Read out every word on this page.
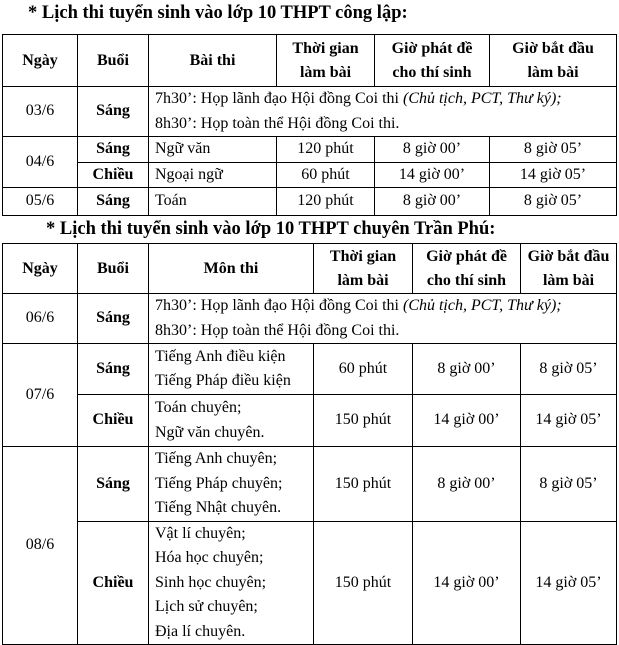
* Lịch thi tuyển sinh vào lớp 10 THPT công lập:
Ngày	Buổi	Bài thi	Thời gian
làm bài	Giờ phát đề
cho thí sinh	Giờ bắt đầu
làm bài

03/6	Sáng	7h30’: Họp lãnh đạo Hội đồng Coi thi (Chủ tịch, PCT, Thư ký);
8h30’: Họp toàn thể Hội đồng Coi thi.			

04/6	Sáng	Ngữ văn	120 phút	8 giờ 00’	8 giờ 05’
	Chiều	Ngoại ngữ	60 phút	14 giờ 00’	14 giờ 05’
05/6	Sáng	Toán	120 phút	8 giờ 00’	8 giờ 05’
* Lịch thi tuyển sinh vào lớp 10 THPT chuyên Trần Phú:
Ngày	Buổi	Môn thi	Thời gian
làm bài	Giờ phát đề
cho thí sinh	Giờ bắt đầu
làm bài

06/6	Sáng	7h30’: Họp lãnh đạo Hội đồng Coi thi (Chủ tịch, PCT, Thư ký);
8h30’: Họp toàn thể Hội đồng Coi thi.			

07/6	Sáng	Tiếng Anh điều kiện
Tiếng Pháp điều kiện	60 phút	8 giờ 00’	8 giờ 05’
	Chiều	Toán chuyên;
Ngữ văn chuyên.	150 phút	14 giờ 00’	14 giờ 05’
08/6	Sáng	Tiếng Anh chuyên;
Tiếng Pháp chuyên;
Tiếng Nhật chuyên.	150 phút	8 giờ 00’	8 giờ 05’
	Chiều	Vật lí chuyên;
Hóa học chuyên;
Sinh học chuyên;
Lịch sử chuyên;
Địa lí chuyên.	150 phút	14 giờ 00’	14 giờ 05’
